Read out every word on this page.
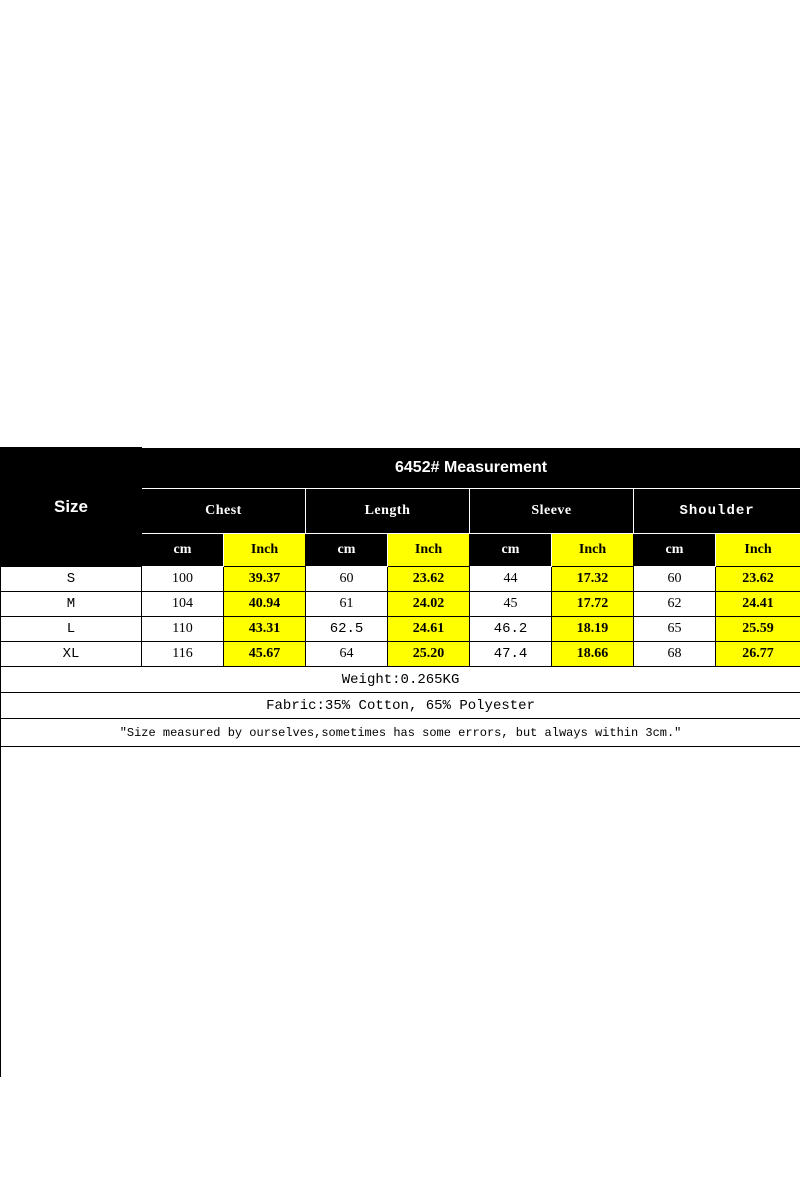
Size	6452# Measurement							
	Chest		Length		Sleeve		Shoulder	
	cm	Inch	cm	Inch	cm	Inch	cm	Inch
S	100	39.37	60	23.62	44	17.32	60	23.62
M	104	40.94	61	24.02	45	17.72	62	24.41
L	110	43.31	62.5	24.61	46.2	18.19	65	25.59
XL	116	45.67	64	25.20	47.4	18.66	68	26.77
Weight:0.265KG								
Fabric:35% Cotton, 65% Polyester								
"Size measured by ourselves,sometimes has some errors, but always within 3cm."								
